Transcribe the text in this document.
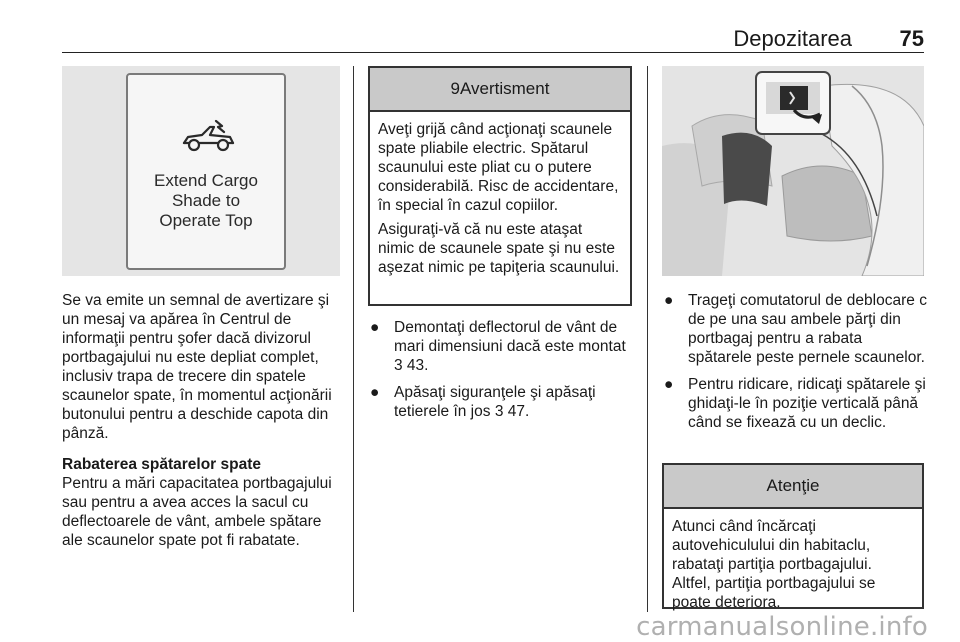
Depozitarea 75
Extend Cargo
Shade to
Operate Top

Se va emite un semnal de avertizare şi un mesaj va apărea în Centrul de informaţii pentru şofer dacă divizorul portbagajului nu este depliat complet, inclusiv trapa de trecere din spatele scaunelor spate, în momentul acţionării butonului pentru a deschide capota din pânză.

Rabaterea spătarelor spate

Pentru a mări capacitatea portbagajului sau pentru a avea acces la sacul cu deflectoarele de vânt, ambele spătare ale scaunelor spate pot fi rabatate.

9 Avertisment

Aveţi grijă când acţionaţi scaunele spate pliabile electric. Spătarul scaunului este pliat cu o putere considerabilă. Risc de accidentare, în special în cazul copiilor.

Asiguraţi-vă că nu este ataşat nimic de scaunele spate şi nu este aşezat nimic pe tapiţeria scaunului.

● Demontaţi deflectorul de vânt de mari dimensiuni dacă este montat 3 43.
● Apăsaţi siguranţele şi apăsaţi tetierele în jos 3 47.
● Trageţi comutatorul de deblocare c de pe una sau ambele părţi din portbagaj pentru a rabata spătarele peste pernele scaunelor.
● Pentru ridicare, ridicaţi spătarele şi ghidaţi-le în poziţie verticală până când se fixează cu un declic.
Atenţie

Atunci când încărcaţi autovehiculului din habitaclu, rabataţi partiţia portbagajului. Altfel, partiţia portbagajului se poate deteriora.

carmanualsonline.info
